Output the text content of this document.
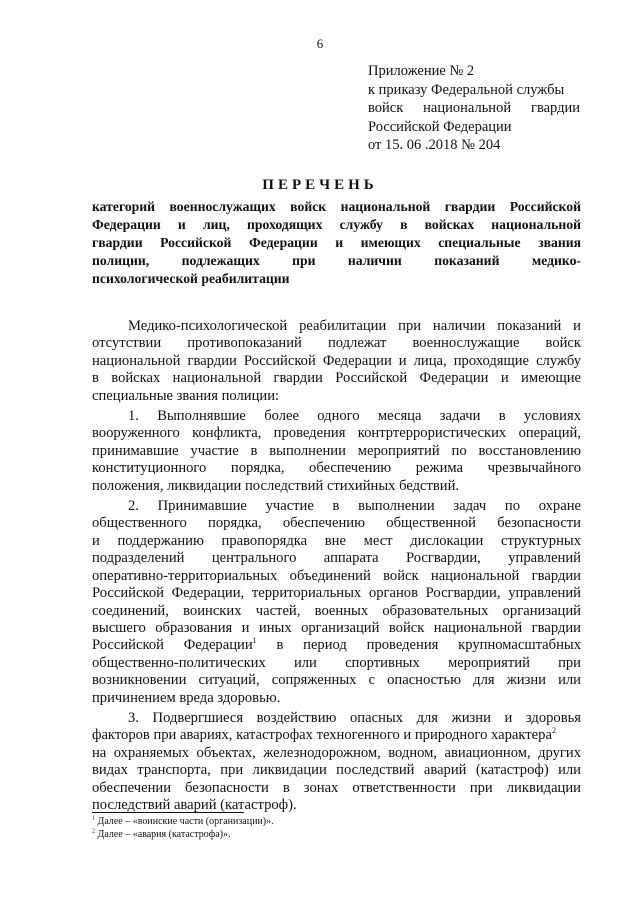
6
Приложение № 2
к приказу Федеральной службы
войск национальной гвардии
Российской Федерации
от 15. 06 .2018 № 204
ПЕРЕЧЕНЬ
категорий военнослужащих войск национальной гвардии Российской
Федерации и лиц, проходящих службу в войсках национальной
гвардии Российской Федерации и имеющих специальные звания
полиции, подлежащих при наличии показаний медико-
психологической реабилитации
Медико-психологической реабилитации при наличии показаний и
отсутствии противопоказаний подлежат военнослужащие войск
национальной гвардии Российской Федерации и лица, проходящие службу
в войсках национальной гвардии Российской Федерации и имеющие
специальные звания полиции:
1. Выполнявшие более одного месяца задачи в условиях
вооруженного конфликта, проведения контртеррористических операций,
принимавшие участие в выполнении мероприятий по восстановлению
конституционного порядка, обеспечению режима чрезвычайного
положения, ликвидации последствий стихийных бедствий.
2. Принимавшие участие в выполнении задач по охране
общественного порядка, обеспечению общественной безопасности
и поддержанию правопорядка вне мест дислокации структурных
подразделений центрального аппарата Росгвардии, управлений
оперативно-территориальных объединений войск национальной гвардии
Российской Федерации, территориальных органов Росгвардии, управлений
соединений, воинских частей, военных образовательных организаций
высшего образования и иных организаций войск национальной гвардии
Российской Федерации$^1$ в период проведения крупномасштабных
общественно-политических или спортивных мероприятий при
возникновении ситуаций, сопряженных с опасностью для жизни или
причинением вреда здоровью.
3. Подвергшиеся воздействию опасных для жизни и здоровья
факторов при авариях, катастрофах техногенного и природного характера$^2$
на охраняемых объектах, железнодорожном, водном, авиационном, других
видах транспорта, при ликвидации последствий аварий (катастроф) или
обеспечении безопасности в зонах ответственности при ликвидации
последствий аварий (катастроф).
$^1$ Далее – «воинские части (организации)».
$^2$ Далее – «авария (катастрофа)».
